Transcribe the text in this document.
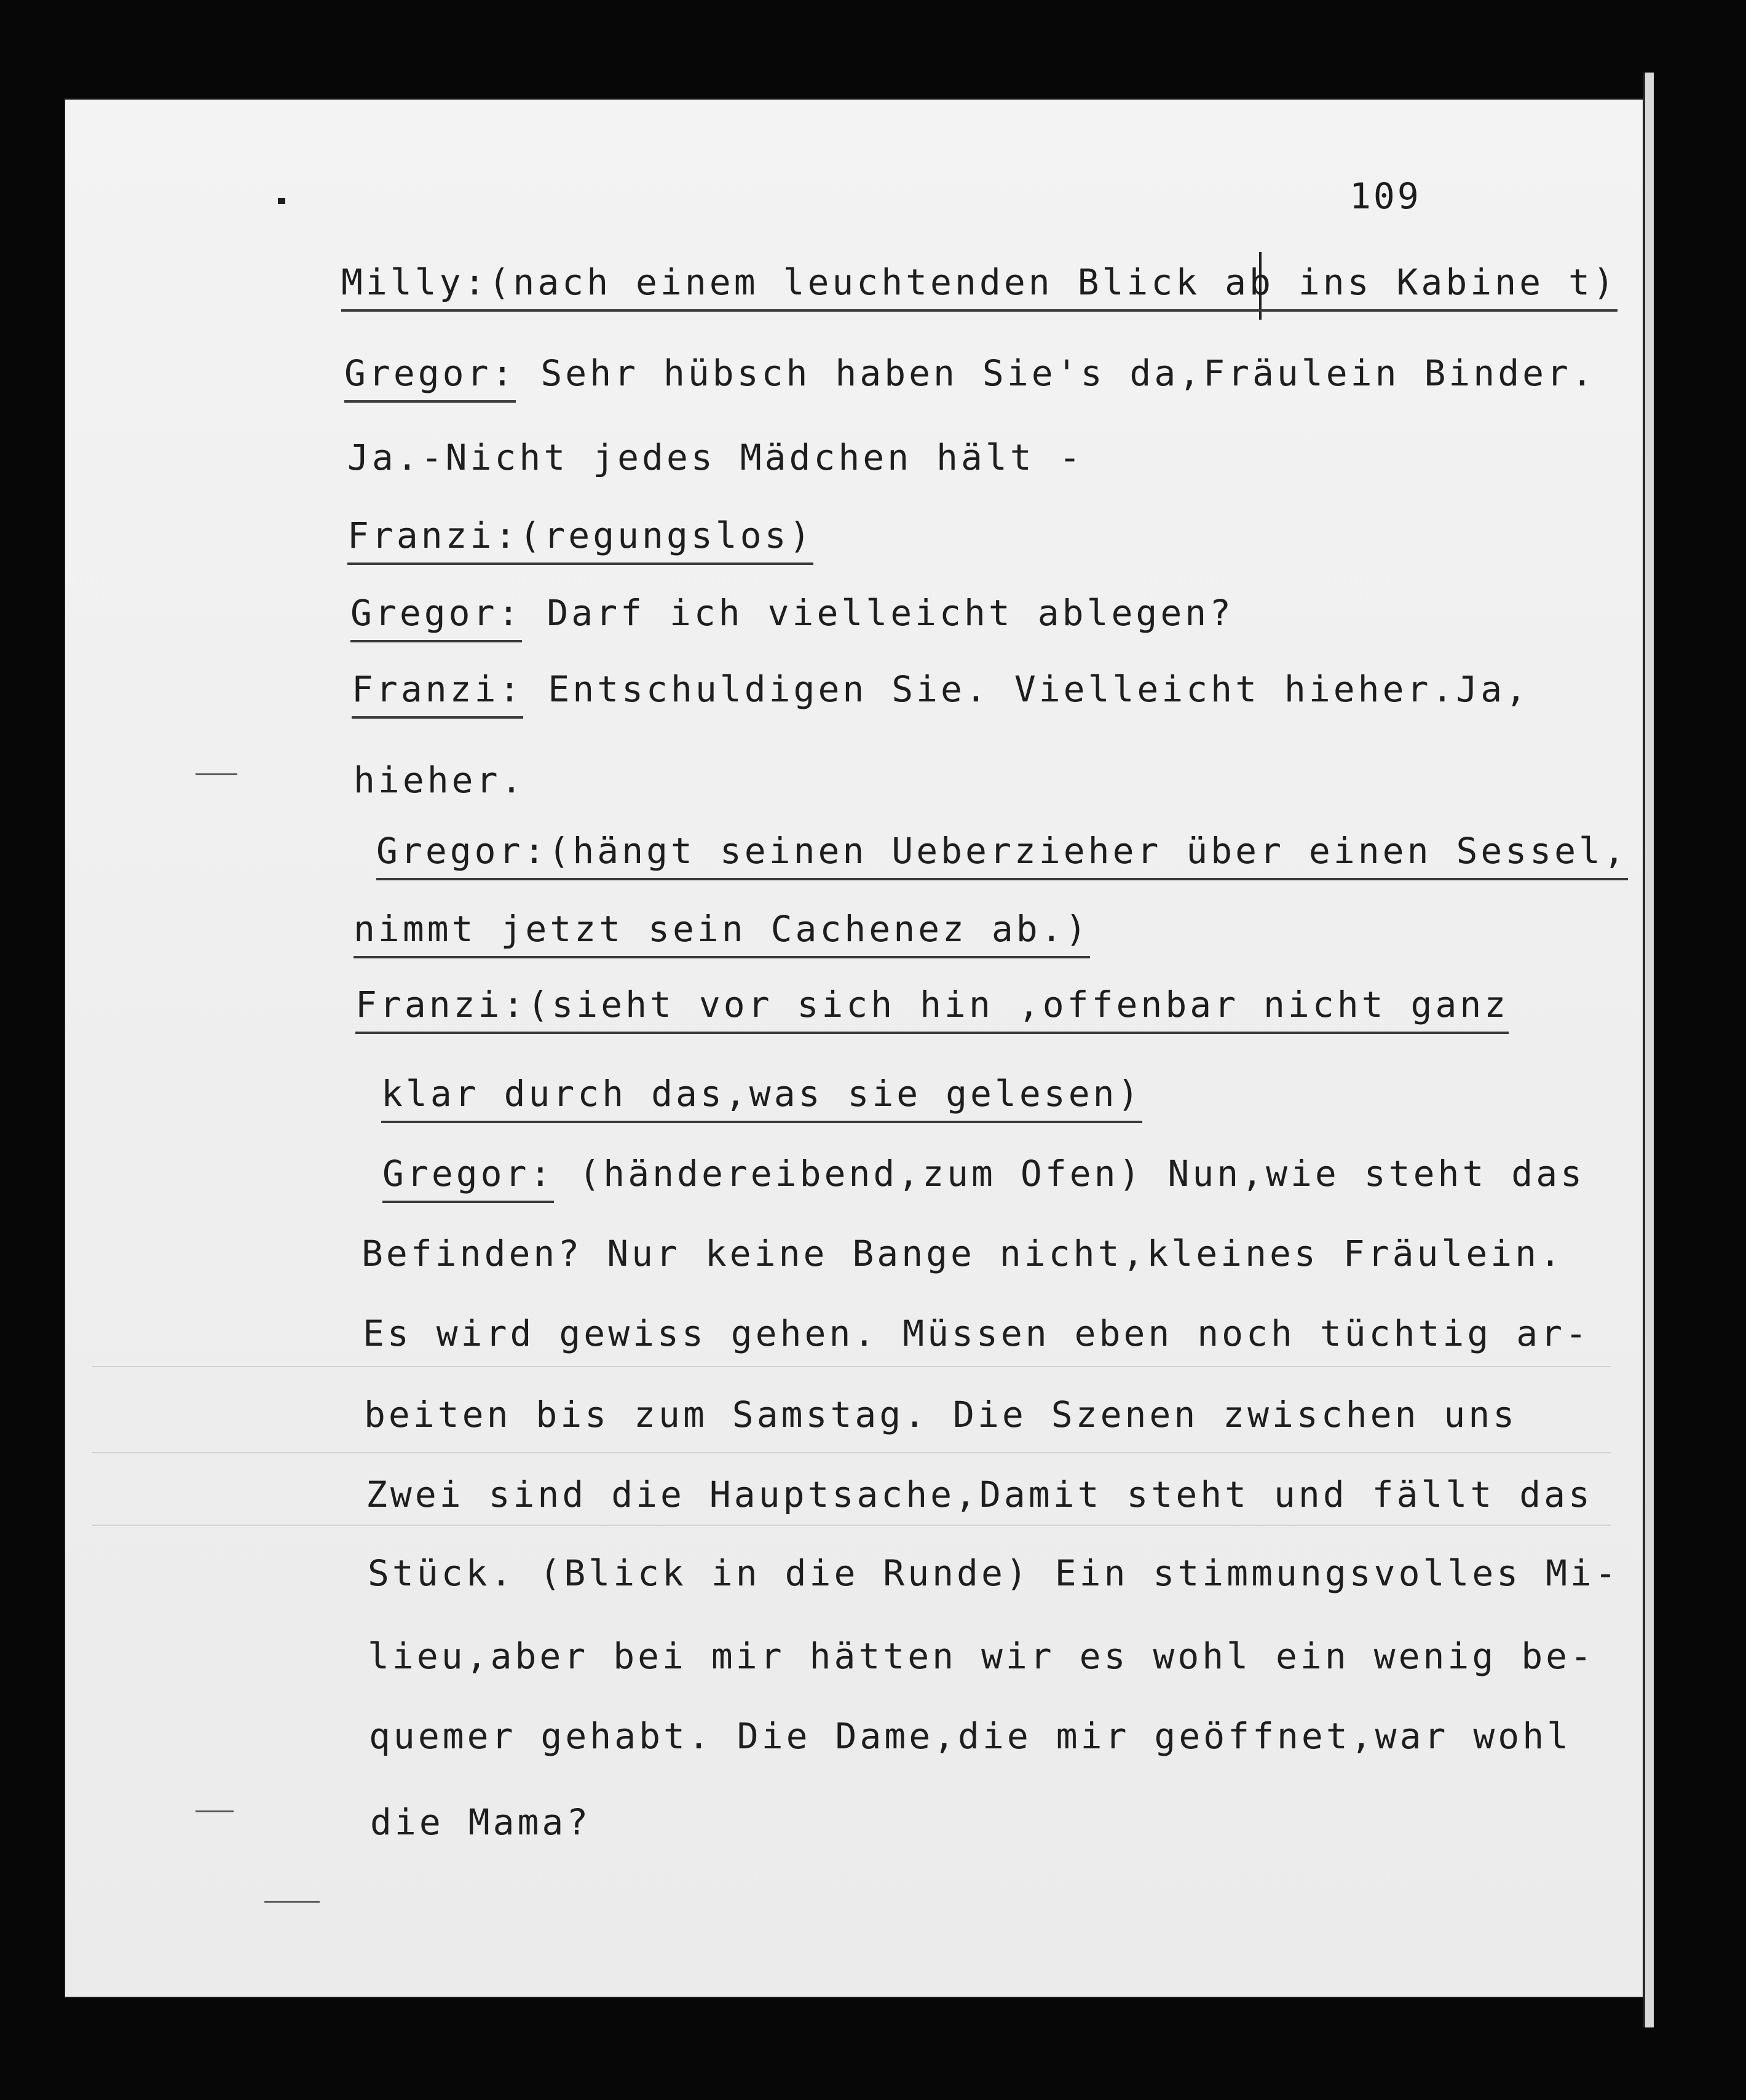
109
Milly:(nach einem leuchtenden Blick ab ins Kabine t)
Gregor: Sehr hübsch haben Sie's da,Fräulein Binder.
Ja.-Nicht jedes Mädchen hält -
Franzi:(regungslos)
Gregor: Darf ich vielleicht ablegen?
Franzi: Entschuldigen Sie. Vielleicht hieher.Ja,
hieher.
Gregor:(hängt seinen Ueberzieher über einen Sessel,
nimmt jetzt sein Cachenez ab.)
Franzi:(sieht vor sich hin ,offenbar nicht ganz
klar durch das,was sie gelesen)
Gregor: (händereibend,zum Ofen) Nun,wie steht das
Befinden? Nur keine Bange nicht,kleines Fräulein.
Es wird gewiss gehen. Müssen eben noch tüchtig ar-
beiten bis zum Samstag. Die Szenen zwischen uns
Zwei sind die Hauptsache,Damit steht und fällt das
Stück. (Blick in die Runde) Ein stimmungsvolles Mi-
lieu,aber bei mir hätten wir es wohl ein wenig be-
quemer gehabt. Die Dame,die mir geöffnet,war wohl
die Mama?
